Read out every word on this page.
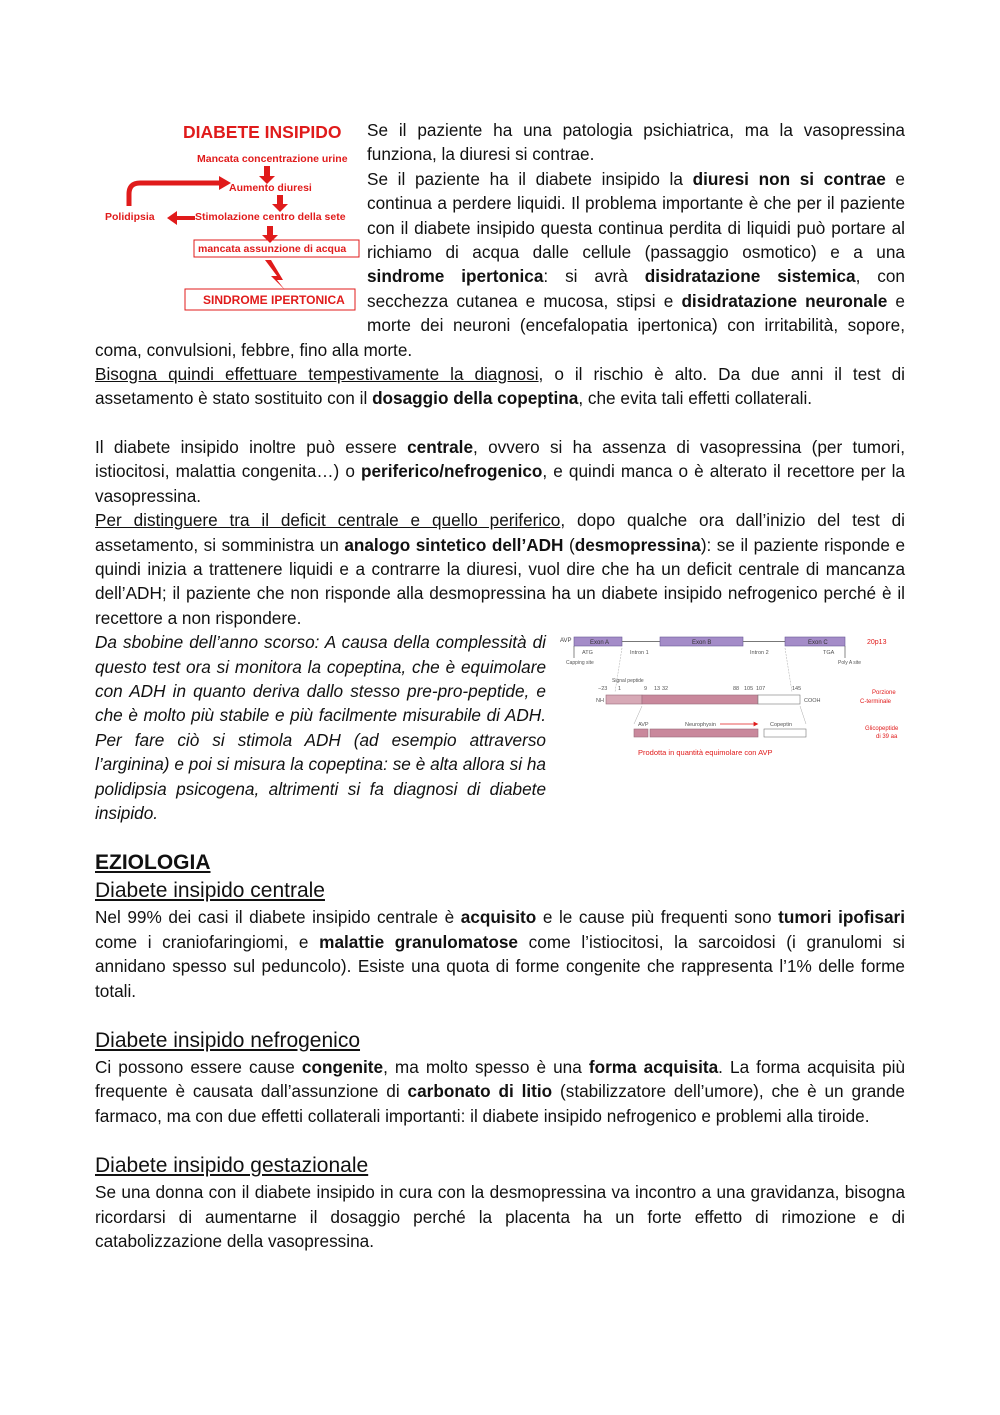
DIABETE INSIPIDO
Mancata concentrazione urine
Aumento diuresi
Polidipsia	Stimolazione centro della sete
mancata assunzione di acqua
SINDROME IPERTONICA

Se il paziente ha una patologia psichiatrica, ma la vasopressina funziona, la diuresi si contrae.

Se il paziente ha il diabete insipido la diuresi non si contrae e continua a perdere liquidi. Il problema importante è che per il paziente con il diabete insipido questa continua perdita di liquidi può portare al richiamo di acqua dalle cellule (passaggio osmotico) e a una sindrome ipertonica: si avrà disidratazione sistemica, con secchezza cutanea e mucosa, stipsi e disidratazione neuronale e morte dei neuroni (encefalopatia ipertonica) con irritabilità, sopore, coma, convulsioni, febbre, fino alla morte.

Bisogna quindi effettuare tempestivamente la diagnosi, o il rischio è alto. Da due anni il test di assetamento è stato sostituito con il dosaggio della copeptina, che evita tali effetti collaterali.

Il diabete insipido inoltre può essere centrale, ovvero si ha assenza di vasopressina (per tumori, istiocitosi, malattia congenita…) o periferico/nefrogenico, e quindi manca o è alterato il recettore per la vasopressina.

Per distinguere tra il deficit centrale e quello periferico, dopo qualche ora dall’inizio del test di assetamento, si somministra un analogo sintetico dell’ADH (desmopressina): se il paziente risponde e quindi inizia a trattenere liquidi e a contrarre la diuresi, vuol dire che ha un deficit centrale di mancanza dell’ADH; il paziente che non risponde alla desmopressina ha un diabete insipido nefrogenico perché è il recettore a non rispondere.

AVP	Exon A	Exon B	Exon C	20p13
ATG	Intron 1	Intron 2	TGA
Capping site	Poly A site
Signal peptide
−23 1	9 13 32	88 105 107	145
NH	COOH
Porzione
C-terminale
AVP	Neurophysin	Copeptin
Glicopeptide
di 39 aa
Prodotta in quantità equimolare con AVP

Da sbobine dell’anno scorso: A causa della complessità di questo test ora si monitora la copeptina, che è equimolare con ADH in quanto deriva dallo stesso pre-pro-peptide, e che è molto più stabile e più facilmente misurabile di ADH. Per fare ciò si stimola ADH (ad esempio attraverso l’arginina) e poi si misura la copeptina: se è alta allora si ha polidipsia psicogena, altrimenti si fa diagnosi di diabete insipido.

EZIOLOGIA
Diabete insipido centrale

Nel 99% dei casi il diabete insipido centrale è acquisito e le cause più frequenti sono tumori ipofisari come i craniofaringiomi, e malattie granulomatose come l’istiocitosi, la sarcoidosi (i granulomi si annidano spesso sul peduncolo). Esiste una quota di forme congenite che rappresenta l’1% delle forme totali.

Diabete insipido nefrogenico

Ci possono essere cause congenite, ma molto spesso è una forma acquisita. La forma acquisita più frequente è causata dall’assunzione di carbonato di litio (stabilizzatore dell’umore), che è un grande farmaco, ma con due effetti collaterali importanti: il diabete insipido nefrogenico e problemi alla tiroide.

Diabete insipido gestazionale

Se una donna con il diabete insipido in cura con la desmopressina va incontro a una gravidanza, bisogna ricordarsi di aumentarne il dosaggio perché la placenta ha un forte effetto di rimozione e di catabolizzazione della vasopressina.
